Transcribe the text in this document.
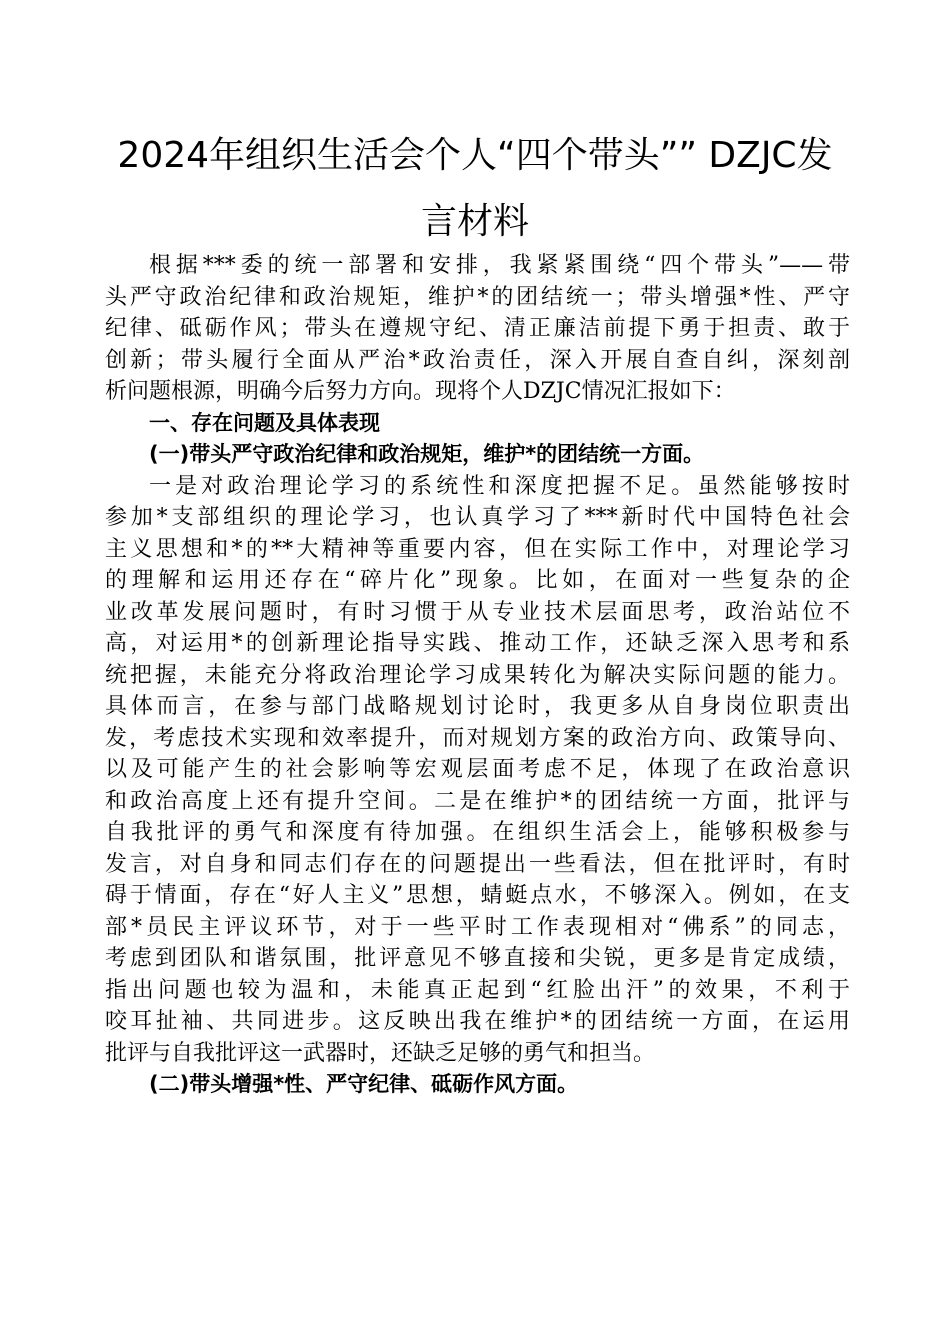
2024年组织生活会个人“四个带头”” DZJC发
言材料
根据***委的统一部署和安排，我紧紧围绕“四个带头”——带
头严守政治纪律和政治规矩，维护*的团结统一；带头增强*性、严守
纪律、砥砺作风；带头在遵规守纪、清正廉洁前提下勇于担责、敢于
创新；带头履行全面从严治*政治责任，深入开展自查自纠，深刻剖
析问题根源，明确今后努力方向。现将个人DZJC情况汇报如下：
一、存在问题及具体表现
(一)带头严守政治纪律和政治规矩，维护*的团结统一方面。
一是对政治理论学习的系统性和深度把握不足。虽然能够按时
参加*支部组织的理论学习，也认真学习了***新时代中国特色社会
主义思想和*的**大精神等重要内容，但在实际工作中，对理论学习
的理解和运用还存在“碎片化”现象。比如，在面对一些复杂的企
业改革发展问题时，有时习惯于从专业技术层面思考，政治站位不
高，对运用*的创新理论指导实践、推动工作，还缺乏深入思考和系
统把握，未能充分将政治理论学习成果转化为解决实际问题的能力。
具体而言，在参与部门战略规划讨论时，我更多从自身岗位职责出
发，考虑技术实现和效率提升，而对规划方案的政治方向、政策导向、
以及可能产生的社会影响等宏观层面考虑不足，体现了在政治意识
和政治高度上还有提升空间。二是在维护*的团结统一方面，批评与
自我批评的勇气和深度有待加强。在组织生活会上，能够积极参与
发言，对自身和同志们存在的问题提出一些看法，但在批评时，有时
碍于情面，存在“好人主义”思想，蜻蜓点水，不够深入。例如，在支
部*员民主评议环节，对于一些平时工作表现相对“佛系”的同志，
考虑到团队和谐氛围，批评意见不够直接和尖锐，更多是肯定成绩，
指出问题也较为温和，未能真正起到“红脸出汗”的效果，不利于
咬耳扯袖、共同进步。这反映出我在维护*的团结统一方面，在运用
批评与自我批评这一武器时，还缺乏足够的勇气和担当。
(二)带头增强*性、严守纪律、砥砺作风方面。
